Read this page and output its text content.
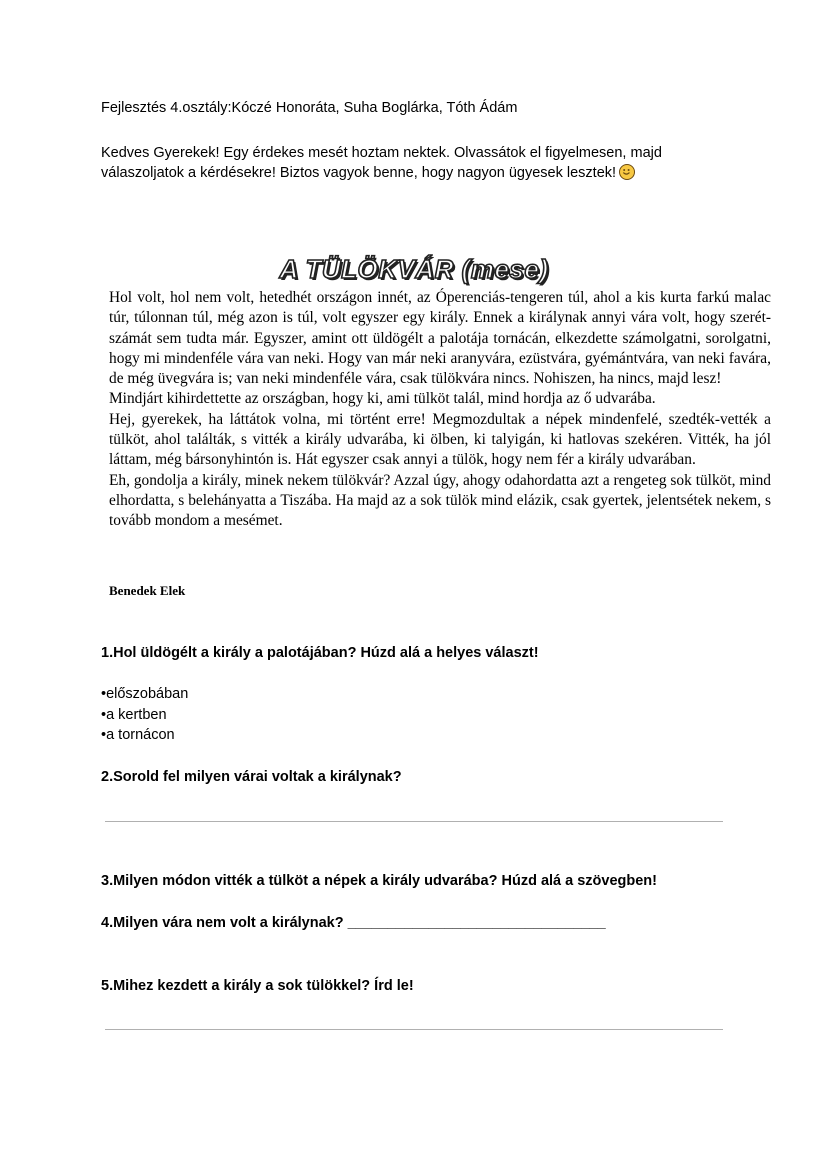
Fejlesztés 4.osztály:Kóczé Honoráta, Suha Boglárka, Tóth Ádám
Kedves Gyerekek! Egy érdekes mesét hoztam nektek. Olvassátok el figyelmesen, majd válaszoljatok a kérdésekre! Biztos vagyok benne, hogy nagyon ügyesek lesztek!
A TÜLÖKVÁR (mese)

Hol volt, hol nem volt, hetedhét országon innét, az Óperenciás-tengeren túl, ahol a kis kurta farkú malac túr, túlonnan túl, még azon is túl, volt egyszer egy király. Ennek a királynak annyi vára volt, hogy szerét-számát sem tudta már. Egyszer, amint ott üldögélt a palotája tornácán, elkezdette számolgatni, sorolgatni, hogy mi mindenféle vára van neki. Hogy van már neki aranyvára, ezüstvára, gyémántvára, van neki favára, de még üvegvára is; van neki mindenféle vára, csak tülökvára nincs. Nohiszen, ha nincs, majd lesz!

Mindjárt kihirdettette az országban, hogy ki, ami tülköt talál, mind hordja az ő udvarába.

Hej, gyerekek, ha láttátok volna, mi történt erre! Megmozdultak a népek mindenfelé, szedték-vették a tülköt, ahol találták, s vitték a király udvarába, ki ölben, ki talyigán, ki hatlovas szekéren. Vitték, ha jól láttam, még bársonyhintón is. Hát egyszer csak annyi a tülök, hogy nem fér a király udvarában.

Eh, gondolja a király, minek nekem tülökvár? Azzal úgy, ahogy odahordatta azt a rengeteg sok tülköt, mind elhordatta, s belehányatta a Tiszába. Ha majd az a sok tülök mind elázik, csak gyertek, jelentsétek nekem, s tovább mondom a mesémet.

Benedek Elek
1.Hol üldögélt a király a palotájában? Húzd alá a helyes választ!
•előszobában
•a kertben
•a tornácon
2.Sorold fel milyen várai voltak a királynak?
3.Milyen módon vitték a tülköt a népek a király udvarába? Húzd alá a szövegben!
4.Milyen vára nem volt a királynak? ________________________________
5.Mihez kezdett a király a sok tülökkel? Írd le!
